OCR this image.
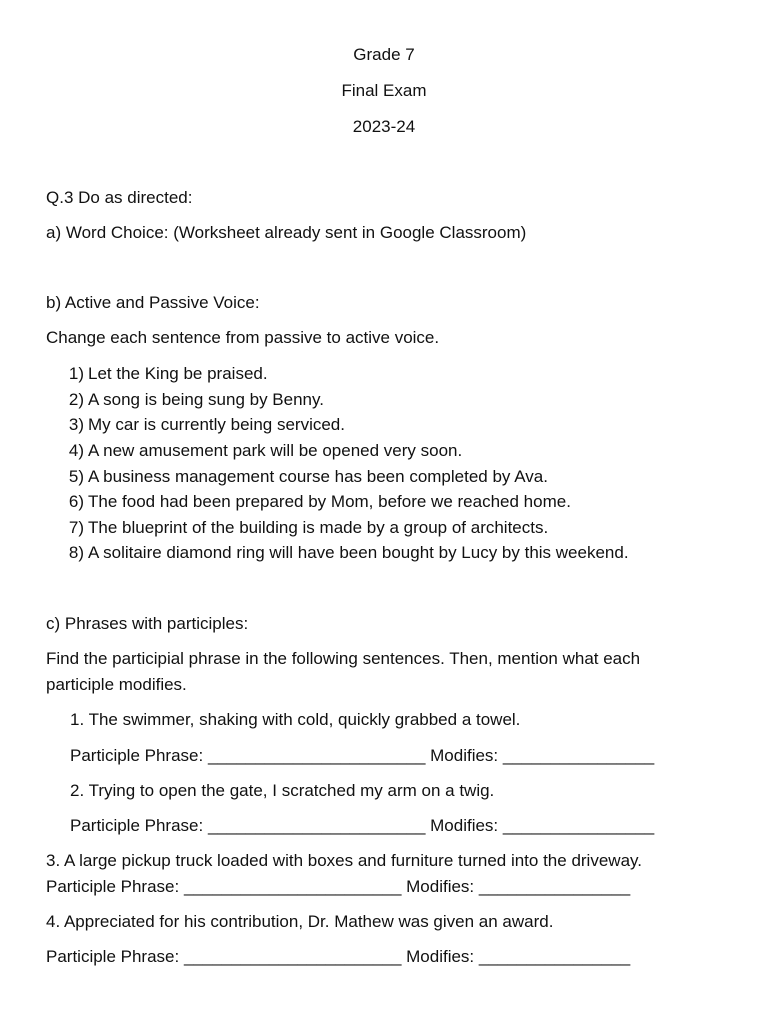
Grade 7
Final Exam
2023-24
Q.3 Do as directed:
a) Word Choice: (Worksheet already sent in Google Classroom)
b) Active and Passive Voice:
Change each sentence from passive to active voice.
1) Let the King be praised.
2) A song is being sung by Benny.
3) My car is currently being serviced.
4) A new amusement park will be opened very soon.
5) A business management course has been completed by Ava.
6) The food had been prepared by Mom, before we reached home.
7) The blueprint of the building is made by a group of architects.
8) A solitaire diamond ring will have been bought by Lucy by this weekend.
c) Phrases with participles:
Find the participial phrase in the following sentences. Then, mention what each
participle modifies.
1. The swimmer, shaking with cold, quickly grabbed a towel.
Participle Phrase: _______________________ Modifies: ________________
2. Trying to open the gate, I scratched my arm on a twig.
Participle Phrase: _______________________ Modifies: ________________
3. A large pickup truck loaded with boxes and furniture turned into the driveway.
Participle Phrase: _______________________ Modifies: ________________
4. Appreciated for his contribution, Dr. Mathew was given an award.
Participle Phrase: _______________________ Modifies: ________________
